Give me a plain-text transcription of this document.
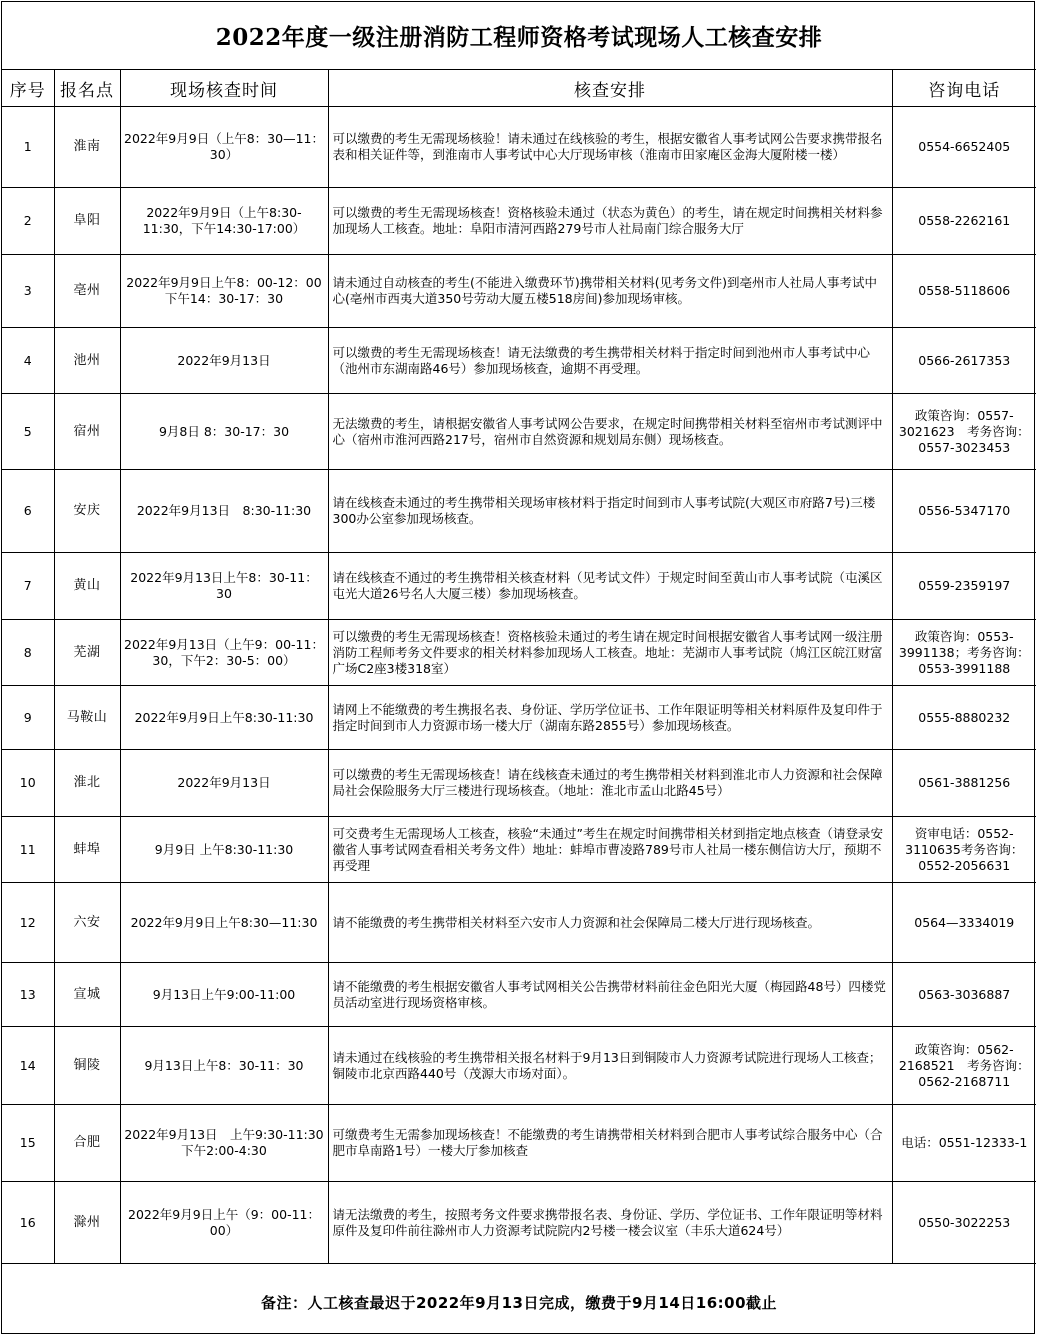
2022年度一级注册消防工程师资格考试现场人工核查安排
序号	报名点	现场核查时间	核查安排	咨询电话
1	淮南	2022年9月9日（上午8：30—11：30）	可以缴费的考生无需现场核验！请未通过在线核验的考生，根据安徽省人事考试网公告要求携带报名表和相关证件等，到淮南市人事考试中心大厅现场审核（淮南市田家庵区金海大厦附楼一楼）	0554-6652405
2	阜阳	2022年9月9日（上午8:30-11:30，下午14:30-17:00）	可以缴费的考生无需现场核查！资格核验未通过（状态为黄色）的考生，请在规定时间携相关材料参加现场人工核查。地址：阜阳市清河西路279号市人社局南门综合服务大厅	0558-2262161
3	亳州	2022年9月9日上午8：00-12：00　下午14：30-17：30	请未通过自动核查的考生(不能进入缴费环节)携带相关材料(见考务文件)到亳州市人社局人事考试中心(亳州市西夷大道350号劳动大厦五楼518房间)参加现场审核。	0558-5118606
4	池州	2022年9月13日	可以缴费的考生无需现场核查！请无法缴费的考生携带相关材料于指定时间到池州市人事考试中心（池州市东湖南路46号）参加现场核查，逾期不再受理。	0566-2617353
5	宿州	9月8日 8：30-17：30	无法缴费的考生，请根据安徽省人事考试网公告要求，在规定时间携带相关材料至宿州市考试测评中心（宿州市淮河西路217号，宿州市自然资源和规划局东侧）现场核查。	政策咨询：0557-3021623　考务咨询：0557-3023453
6	安庆	2022年9月13日　8:30-11:30	请在线核查未通过的考生携带相关现场审核材料于指定时间到市人事考试院(大观区市府路7号)三楼300办公室参加现场核查。	0556-5347170
7	黄山	2022年9月13日上午8：30-11：30	请在线核查不通过的考生携带相关核查材料（见考试文件）于规定时间至黄山市人事考试院（屯溪区屯光大道26号名人大厦三楼）参加现场核查。	0559-2359197
8	芜湖	2022年9月13日（上午9：00-11：30，下午2：30-5：00）	可以缴费的考生无需现场核查！资格核验未通过的考生请在规定时间根据安徽省人事考试网一级注册消防工程师考务文件要求的相关材料参加现场人工核查。地址：芜湖市人事考试院（鸠江区皖江财富广场C2座3楼318室）	政策咨询：0553-3991138；考务咨询：0553-3991188
9	马鞍山	2022年9月9日上午8:30-11:30	请网上不能缴费的考生携报名表、身份证、学历学位证书、工作年限证明等相关材料原件及复印件于指定时间到市人力资源市场一楼大厅（湖南东路2855号）参加现场核查。	0555-8880232
10	淮北	2022年9月13日	可以缴费的考生无需现场核查！请在线核查未通过的考生携带相关材料到淮北市人力资源和社会保障局社会保险服务大厅三楼进行现场核查。（地址：淮北市孟山北路45号）	0561-3881256
11	蚌埠	9月9日 上午8:30-11:30	可交费考生无需现场人工核查，核验“未通过”考生在规定时间携带相关材到指定地点核查（请登录安徽省人事考试网查看相关考务文件）地址：蚌埠市曹凌路789号市人社局一楼东侧信访大厅，预期不再受理	资审电话：0552-3110635考务咨询：0552-2056631
12	六安	2022年9月9日上午8:30—11:30	请不能缴费的考生携带相关材料至六安市人力资源和社会保障局二楼大厅进行现场核查。	0564—3334019
13	宣城	9月13日上午9:00-11:00	请不能缴费的考生根据安徽省人事考试网相关公告携带材料前往金色阳光大厦（梅园路48号）四楼党员活动室进行现场资格审核。	0563-3036887
14	铜陵	9月13日上午8：30-11：30	请未通过在线核验的考生携带相关报名材料于9月13日到铜陵市人力资源考试院进行现场人工核查；铜陵市北京西路440号（茂源大市场对面）。	政策咨询：0562-2168521　考务咨询：0562-2168711
15	合肥	2022年9月13日　上午9:30-11:30　下午2:00-4:30	可缴费考生无需参加现场核查！不能缴费的考生请携带相关材料到合肥市人事考试综合服务中心（合肥市阜南路1号）一楼大厅参加核查	电话：0551-12333-1
16	滁州	2022年9月9日上午（9：00-11：00）	请无法缴费的考生，按照考务文件要求携带报名表、身份证、学历、学位证书、工作年限证明等材料原件及复印件前往滁州市人力资源考试院院内2号楼一楼会议室（丰乐大道624号）	0550-3022253
备注：人工核查最迟于2022年9月13日完成，缴费于9月14日16:00截止
